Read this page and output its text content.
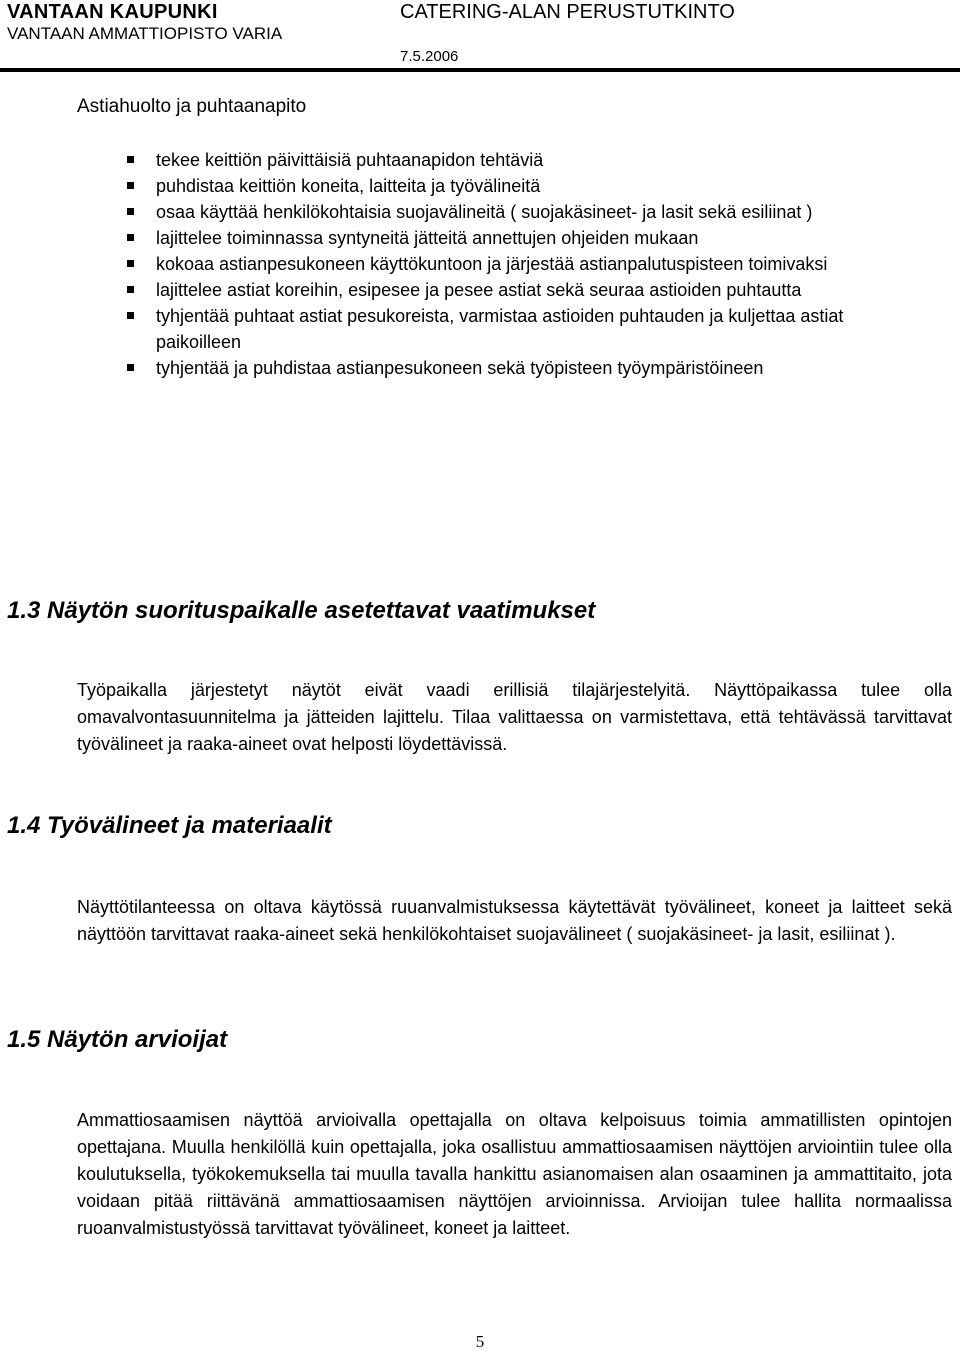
VANTAAN KAUPUNKI
VANTAAN AMMATTIOPISTO VARIA
CATERING-ALAN PERUSTUTKINTO
7.5.2006
Astiahuolto ja puhtaanapito
tekee keittiön päivittäisiä puhtaanapidon tehtäviä
puhdistaa keittiön koneita, laitteita ja työvälineitä
osaa käyttää henkilökohtaisia suojavälineitä ( suojakäsineet- ja lasit sekä esiliinat )
lajittelee toiminnassa syntyneitä jätteitä annettujen ohjeiden mukaan
kokoaa astianpesukoneen käyttökuntoon ja järjestää astianpalutuspisteen toimivaksi
lajittelee astiat koreihin, esipesee ja pesee astiat sekä seuraa astioiden puhtautta
tyhjentää puhtaat astiat pesukoreista, varmistaa astioiden puhtauden ja kuljettaa astiat paikoilleen
tyhjentää ja puhdistaa astianpesukoneen sekä työpisteen työympäristöineen
1.3 Näytön suorituspaikalle asetettavat vaatimukset

Työpaikalla järjestetyt näytöt eivät vaadi erillisiä tilajärjestelyitä. Näyttöpaikassa tulee olla omavalvontasuunnitelma ja jätteiden lajittelu. Tilaa valittaessa on varmistettava, että tehtävässä tarvittavat työvälineet ja raaka-aineet ovat helposti löydettävissä.

1.4 Työvälineet ja materiaalit

Näyttötilanteessa on oltava käytössä ruuanvalmistuksessa käytettävät työvälineet, koneet ja laitteet sekä näyttöön tarvittavat raaka-aineet sekä henkilökohtaiset suojavälineet ( suojakäsineet- ja lasit, esiliinat ).

1.5 Näytön arvioijat

Ammattiosaamisen näyttöä arvioivalla opettajalla on oltava kelpoisuus toimia ammatillisten opintojen opettajana. Muulla henkilöllä kuin opettajalla, joka osallistuu ammattiosaamisen näyttöjen arviointiin tulee olla koulutuksella, työkokemuksella tai muulla tavalla hankittu asianomaisen alan osaaminen ja ammattitaito, jota voidaan pitää riittävänä ammattiosaamisen näyttöjen arvioinnissa. Arvioijan tulee hallita normaalissa ruoanvalmistustyössä tarvittavat työvälineet, koneet ja laitteet.

5
